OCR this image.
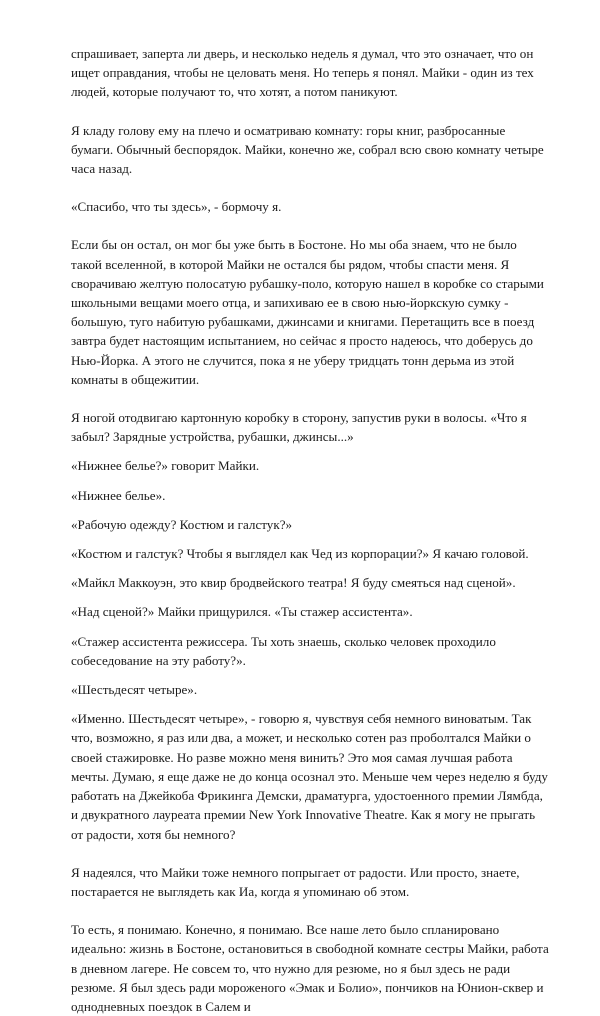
спрашивает, заперта ли дверь, и несколько недель я думал, что это означает, что он ищет оправдания, чтобы не целовать меня. Но теперь я понял. Майки - один из тех людей, которые получают то, что хотят, а потом паникуют.

Я кладу голову ему на плечо и осматриваю комнату: горы книг, разбросанные бумаги. Обычный беспорядок. Майки, конечно же, собрал всю свою комнату четыре часа назад.

«Спасибо, что ты здесь», - бормочу я.

Если бы он остал, он мог бы уже быть в Бостоне. Но мы оба знаем, что не было такой вселенной, в которой Майки не остался бы рядом, чтобы спасти меня. Я сворачиваю желтую полосатую рубашку-поло, которую нашел в коробке со старыми школьными вещами моего отца, и запихиваю ее в свою нью-йоркскую сумку - большую, туго набитую рубашками, джинсами и книгами. Перетащить все в поезд завтра будет настоящим испытанием, но сейчас я просто надеюсь, что доберусь до Нью-Йорка. А этого не случится, пока я не уберу тридцать тонн дерьма из этой комнаты в общежитии.

Я ногой отодвигаю картонную коробку в сторону, запустив руки в волосы. «Что я забыл? Зарядные устройства, рубашки, джинсы...»

«Нижнее белье?» говорит Майки.

«Нижнее белье».

«Рабочую одежду? Костюм и галстук?»

«Костюм и галстук? Чтобы я выглядел как Чед из корпорации?» Я качаю головой.

«Майкл Маккоуэн, это квир бродвейского театра! Я буду смеяться над сценой».

«Над сценой?» Майки прищурился. «Ты стажер ассистента».

«Стажер ассистента режиссера. Ты хоть знаешь, сколько человек проходило собеседование на эту работу?».

«Шестьдесят четыре».

«Именно. Шестьдесят четыре», - говорю я, чувствуя себя немного виноватым. Так что, возможно, я раз или два, а может, и несколько сотен раз проболтался Майки о своей стажировке. Но разве можно меня винить? Это моя самая лучшая работа мечты. Думаю, я еще даже не до конца осознал это. Меньше чем через неделю я буду работать на Джейкоба Фрикинга Демски, драматурга, удостоенного премии Лямбда, и двукратного лауреата премии New York Innovative Theatre. Как я могу не прыгать от радости, хотя бы немного?

Я надеялся, что Майки тоже немного попрыгает от радости. Или просто, знаете, постарается не выглядеть как Иа, когда я упоминаю об этом.

То есть, я понимаю. Конечно, я понимаю. Все наше лето было спланировано идеально: жизнь в Бостоне, остановиться в свободной комнате сестры Майки, работа в дневном лагере. Не совсем то, что нужно для резюме, но я был здесь не ради резюме. Я был здесь ради мороженого «Эмак и Болио», пончиков на Юнион-сквер и однодневных поездок в Салем и
